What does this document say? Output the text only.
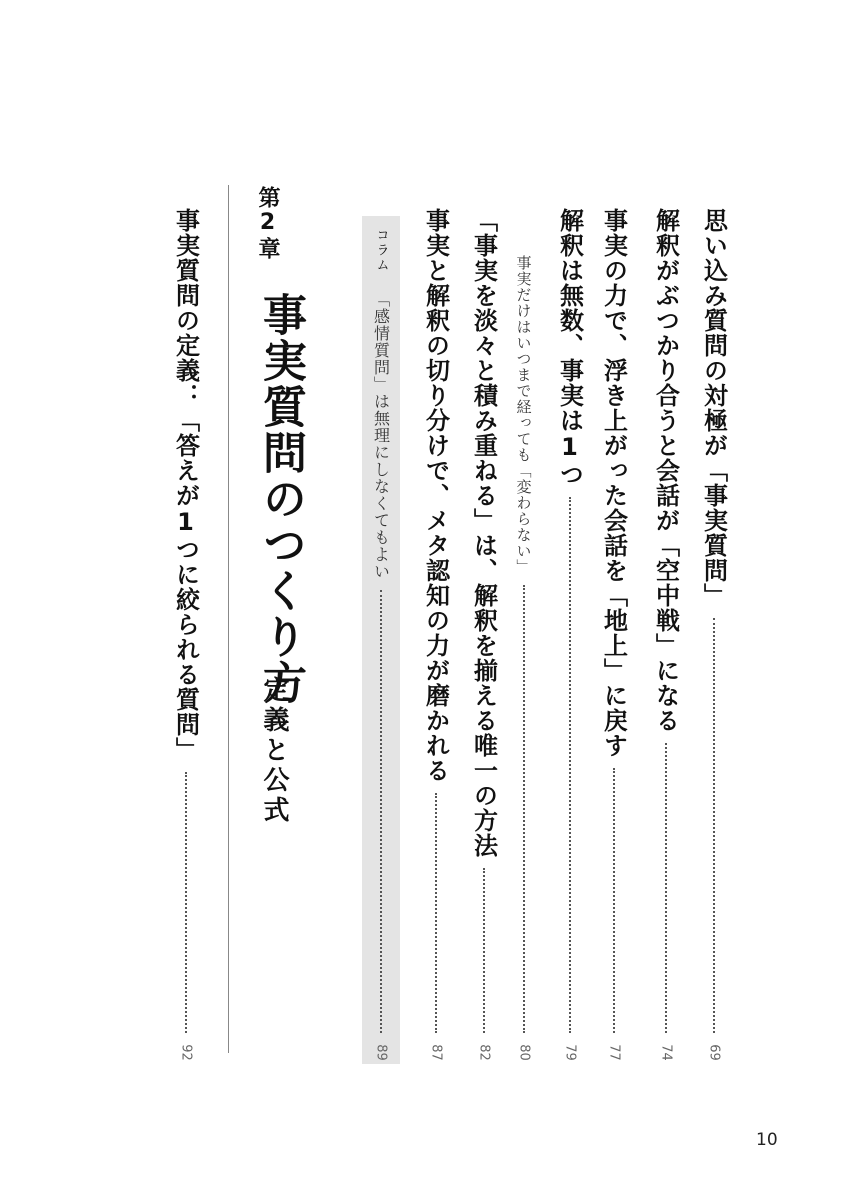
思い込み質問の対極が「事実質問」
69
解釈がぶつかり合うと会話が「空中戦」になる
74
事実の力で、浮き上がった会話を「地上」に戻す
77
解釈は無数、事実は1つ
79
事実だけはいつまで経っても「変わらない」
80
「事実を淡々と積み重ねる」は、解釈を揃える唯一の方法
82
事実と解釈の切り分けで、メタ認知の力が磨かれる
87
コラム
「感情質問」は無理にしなくてもよい
89
第2章
事実質問のつくり方
定義と公式
事実質問の定義：「答えが1つに絞られる質問」
92
10
